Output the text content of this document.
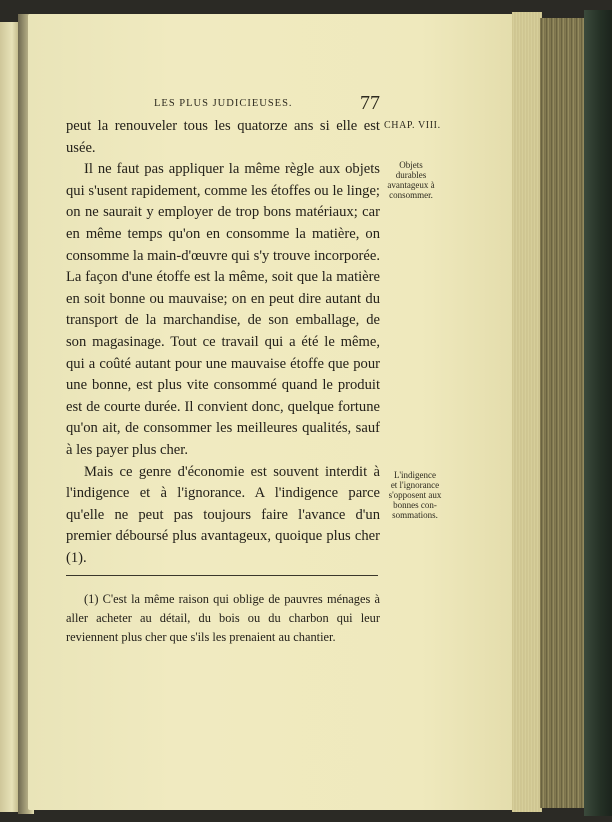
LES PLUS JUDICIEUSES.	77

peut la renouveler tous les quatorze ans si elle est usée.

Il ne faut pas appliquer la même règle aux objets qui s'usent rapidement, comme les étoffes ou le linge; on ne saurait y employer de trop bons matériaux; car en même temps qu'on en consomme la matière, on consomme la main-d'œuvre qui s'y trouve incorporée. La façon d'une étoffe est la même, soit que la matière en soit bonne ou mauvaise; on en peut dire autant du transport de la marchandise, de son emballage, de son magasinage. Tout ce travail qui a été le même, qui a coûté autant pour une mauvaise étoffe que pour une bonne, est plus vite consommé quand le produit est de courte durée. Il convient donc, quelque fortune qu'on ait, de consommer les meilleures qualités, sauf à les payer plus cher.

Mais ce genre d'économie est souvent interdit à l'indigence et à l'ignorance. A l'indigence parce qu'elle ne peut pas toujours faire l'avance d'un premier déboursé plus avantageux, quoique plus cher (1).

CHAP. VIII.
Objets
durables
avantageux à
consommer.
L'indigence
et l'ignorance
s'opposent aux
bonnes con-
sommations.

(1) C'est la même raison qui oblige de pauvres ménages à aller acheter au détail, du bois ou du charbon qui leur reviennent plus cher que s'ils les prenaient au chantier.
